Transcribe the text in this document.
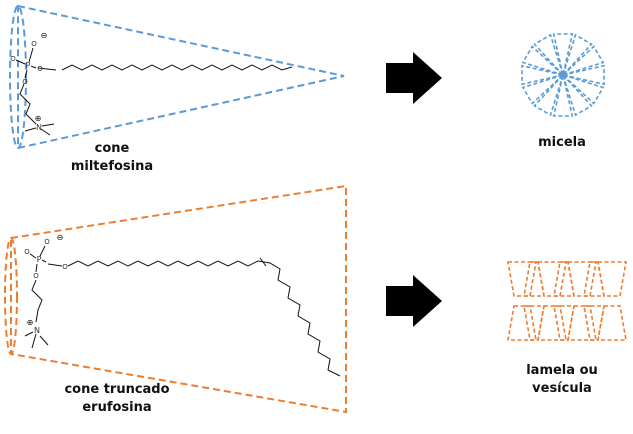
P
O
O
O
O
N
⊖
⊕
P
O
O
O
O
N
⊖
⊕
cone
miltefosina
micela
cone truncado
erufosina
lamela ou
vesícula
